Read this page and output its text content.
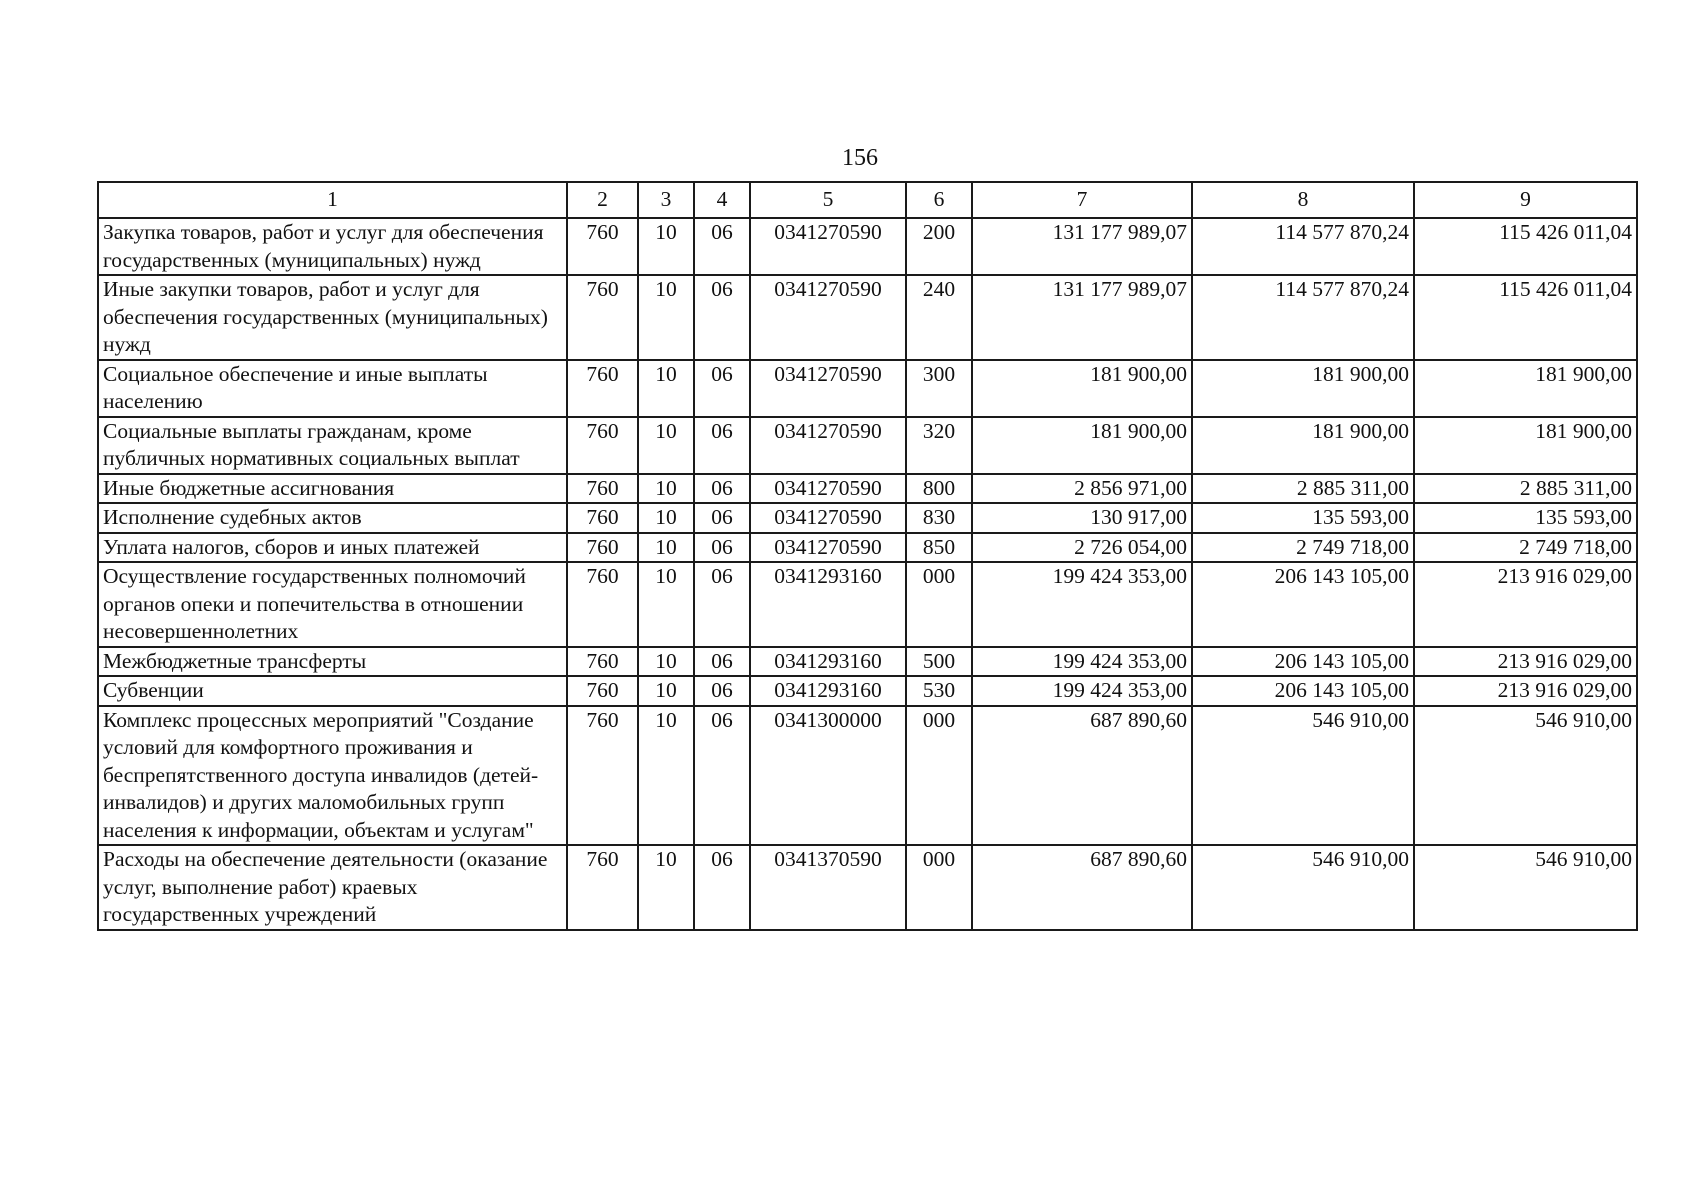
156
1	2	3	4	5	6	7	8	9
Закупка товаров, работ и услуг для обеспечения государственных (муниципальных) нужд	760	10	06	0341270590	200	131 177 989,07	114 577 870,24	115 426 011,04
Иные закупки товаров, работ и услуг для обеспечения государственных (муниципальных) нужд	760	10	06	0341270590	240	131 177 989,07	114 577 870,24	115 426 011,04
Социальное обеспечение и иные выплаты населению	760	10	06	0341270590	300	181 900,00	181 900,00	181 900,00
Социальные выплаты гражданам, кроме публичных нормативных социальных выплат	760	10	06	0341270590	320	181 900,00	181 900,00	181 900,00
Иные бюджетные ассигнования	760	10	06	0341270590	800	2 856 971,00	2 885 311,00	2 885 311,00
Исполнение судебных актов	760	10	06	0341270590	830	130 917,00	135 593,00	135 593,00
Уплата налогов, сборов и иных платежей	760	10	06	0341270590	850	2 726 054,00	2 749 718,00	2 749 718,00
Осуществление государственных полномочий органов опеки и попечительства в отношении несовершеннолетних	760	10	06	0341293160	000	199 424 353,00	206 143 105,00	213 916 029,00
Межбюджетные трансферты	760	10	06	0341293160	500	199 424 353,00	206 143 105,00	213 916 029,00
Субвенции	760	10	06	0341293160	530	199 424 353,00	206 143 105,00	213 916 029,00
Комплекс процессных мероприятий "Создание условий для комфортного проживания и беспрепятственного доступа инвалидов (детей-инвалидов) и других маломобильных групп населения к информации, объектам и услугам"	760	10	06	0341300000	000	687 890,60	546 910,00	546 910,00
Расходы на обеспечение деятельности (оказание услуг, выполнение работ) краевых государственных учреждений	760	10	06	0341370590	000	687 890,60	546 910,00	546 910,00
